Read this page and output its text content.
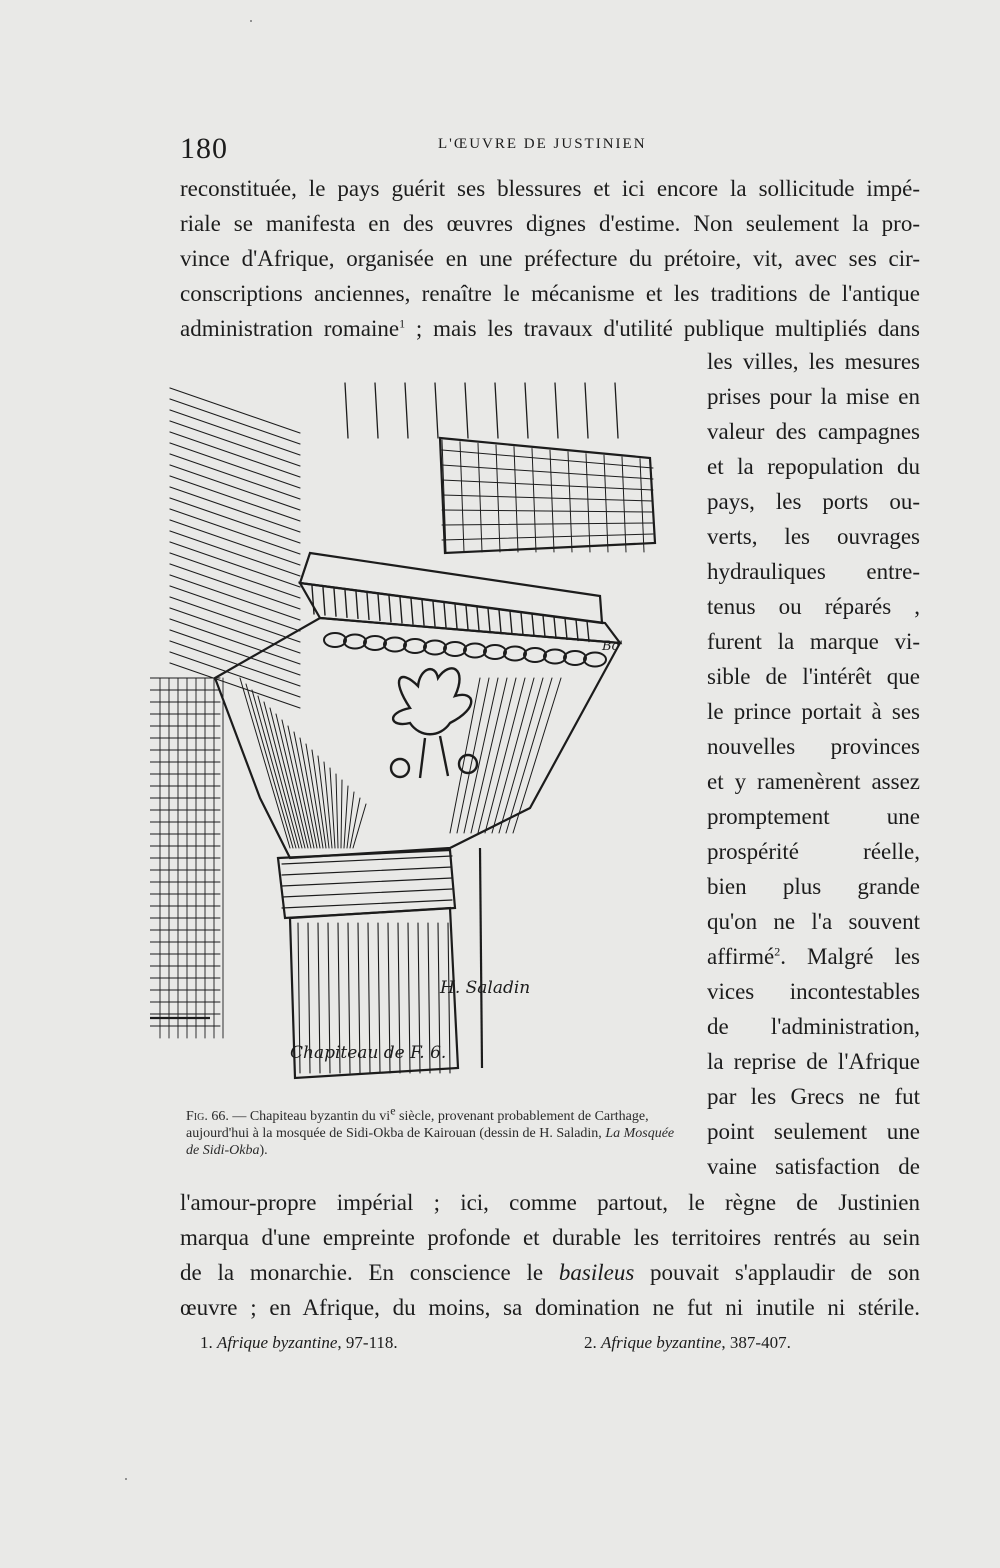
180	L'ŒUVRE DE JUSTINIEN
reconstituée, le pays guérit ses blessures et ici encore la sollicitude impé-
riale se manifesta en des œuvres dignes d'estime. Non seulement la pro-
vince d'Afrique, organisée en une préfecture du prétoire, vit, avec ses cir-
conscriptions anciennes, renaître le mécanisme et les traditions de l'antique
administration romaine$^1$ ; mais les travaux d'utilité publique multipliés dans
les villes, les mesures
prises pour la mise en
valeur des campagnes
et la repopulation du
pays, les ports ou-
verts, les ouvrages
hydrauliques entre-
tenus ou réparés ,
furent la marque vi-
sible de l'intérêt que
le prince portait à ses
nouvelles provinces
et y ramenèrent assez
promptement une
prospérité réelle,
bien plus grande
qu'on ne l'a souvent
affirmé$^2$. Malgré les
vices incontestables
de l'administration,
la reprise de l'Afrique
par les Grecs ne fut
point seulement une
vaine satisfaction de
l'amour-propre impérial ; ici, comme partout, le règne de Justinien
marqua d'une empreinte profonde et durable les territoires rentrés au sein
de la monarchie. En conscience le basileus pouvait s'applaudir de son
œuvre ; en Afrique, du moins, sa domination ne fut ni inutile ni stérile.
H. Saladin
Chapiteau de F. 6.
Bo'
Fig. 66. — Chapiteau byzantin du $vi^e$ siècle, provenant probablement de Carthage, aujourd'hui à la mosquée de Sidi-Okba de Kairouan (dessin de H. Saladin, La Mosquée de Sidi-Okba).
1. Afrique byzantine, 97-118.	2. Afrique byzantine, 387-407.
